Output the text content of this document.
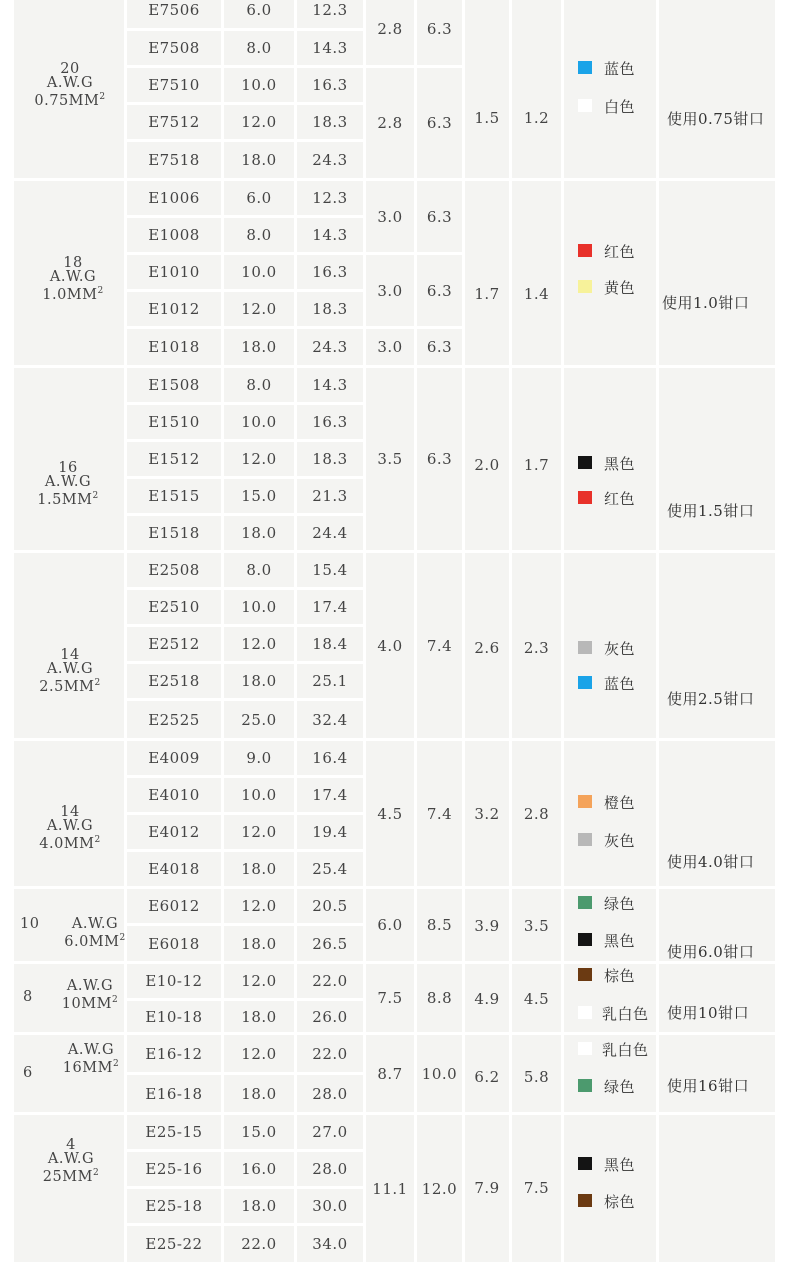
20
A.W.G
$0.75MM^2$
E7506	6.0	12.3
E7508	8.0	14.3
E7510	10.0	16.3
E7512	12.0	18.3
E7518	18.0	24.3
2.8	6.3
2.8	6.3	1.5	1.2
蓝色
白色
使用0.75钳口
18
A.W.G
$1.0MM^2$
E1006	6.0	12.3
E1008	8.0	14.3
E1010	10.0	16.3
E1012	12.0	18.3
E1018	18.0	24.3
3.0	6.3
3.0	6.3
3.0	6.3
1.7	1.4
红色
黄色
使用1.0钳口
16
A.W.G
$1.5MM^2$
E1508	8.0	14.3
E1510	10.0	16.3
E1512	12.0	18.3
E1515	15.0	21.3
E1518	18.0	24.4
3.5	6.3	2.0	1.7	黑色
红色
使用1.5钳口
14
A.W.G
$2.5MM^2$
E2508	8.0	15.4
E2510	10.0	17.4
E2512	12.0	18.4
E2518	18.0	25.1
E2525	25.0	32.4
4.0	7.4	2.6	2.3	灰色
蓝色
使用2.5钳口
14
A.W.G
$4.0MM^2$
E4009	9.0	16.4
E4010	10.0	17.4
E4012	12.0	19.4
E4018	18.0	25.4
4.5	7.4	3.2	2.8
橙色
灰色
使用4.0钳口
10	A.W.G
$6.0MM^2$
E6012	12.0	20.5
E6018	18.0	26.5
6.0	8.5	3.9	3.5
绿色
黑色
使用6.0钳口
8
A.W.G
$10MM^2$
E10-12	12.0	22.0
E10-18	18.0	26.0
7.5	8.8	4.9	4.5
棕色
乳白色 使用10钳口
6
A.W.G
$16MM^2$
E16-12	12.0	22.0
E16-18	18.0	28.0
8.7	10.0	6.2	5.8
乳白色
绿色 使用16钳口
4
A.W.G
$25MM^2$
E25-15	15.0	27.0
E25-16	16.0	28.0
E25-18	18.0	30.0
E25-22	22.0	34.0
11.1 12.0	7.9	7.5
黑色
棕色
